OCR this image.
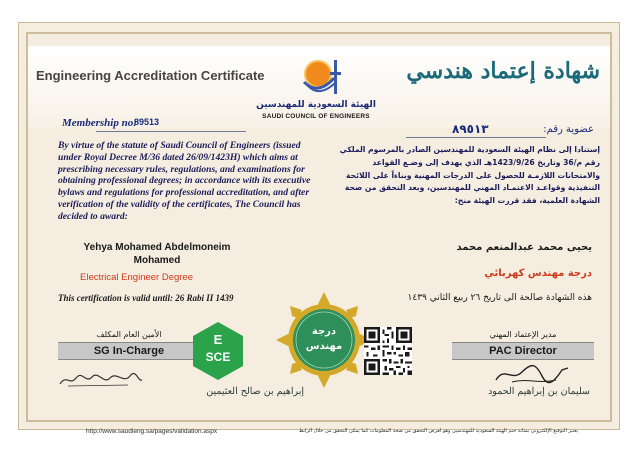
Engineering Accreditation Certificate	شهادة إعتماد هندسي
الهيئة السعودية للمهندسين
SAUDI COUNCIL OF ENGINEERS
Membership no:
89513
عضوية رقم:
٨٩٥١٣
By virtue of the statute of Saudi Council of Engineers (issued under Royal Decree M/36 dated 26/09/1423H) which aims at prescribing necessary rules, regulations, and examinations for obtaining professional degrees; in accordance with its executive bylaws and regulations for professional accreditation, and after verification of the validity of the certificates, The Council has decided to award:
إستنادا إلى نظام الهيئة السعودية للمهندسين الصادر بالمرسوم الملكي رقم م/36 وتاريخ 1423/9/26هـ الذي يهدف إلى وضـع القواعد والامتحانات اللازمـة للحصول على الدرجات المهنية وبناءاً على اللائحة التنفيذية وقواعـد الاعتمـاد المهني للمهندسين، وبعد التحقق من صحة الشهادة العلمية، فقد قررت الهيئة منح:
Yehya Mohamed Abdelmoneim Mohamed
يحيى محمد عبدالمنعم محمد
Electrical Engineer Degree	درجة مهندس كهربائي
This certification is valid until: 26 Rabi II 1439	هذه الشهادة صالحة الى تاريخ ٢٦ ربيع الثاني ١٤٣٩
الأمين العام المكلف
SG In-Charge
مدير الإعتماد المهني
PAC Director
E
SCE
درجة
مهندس
إبراهيم بن صالح العثيمين	سليمان بن إبراهيم الحمود
http://www.saudieng.sa/pages/validation.aspx	يعتبر التوقيع الإلكتروني بمثابة ختم الهيئة السعودية للمهندسين وهو لغرض التحقق من صحة المعلومات كما يمكن التحقق من خلال الرابط
